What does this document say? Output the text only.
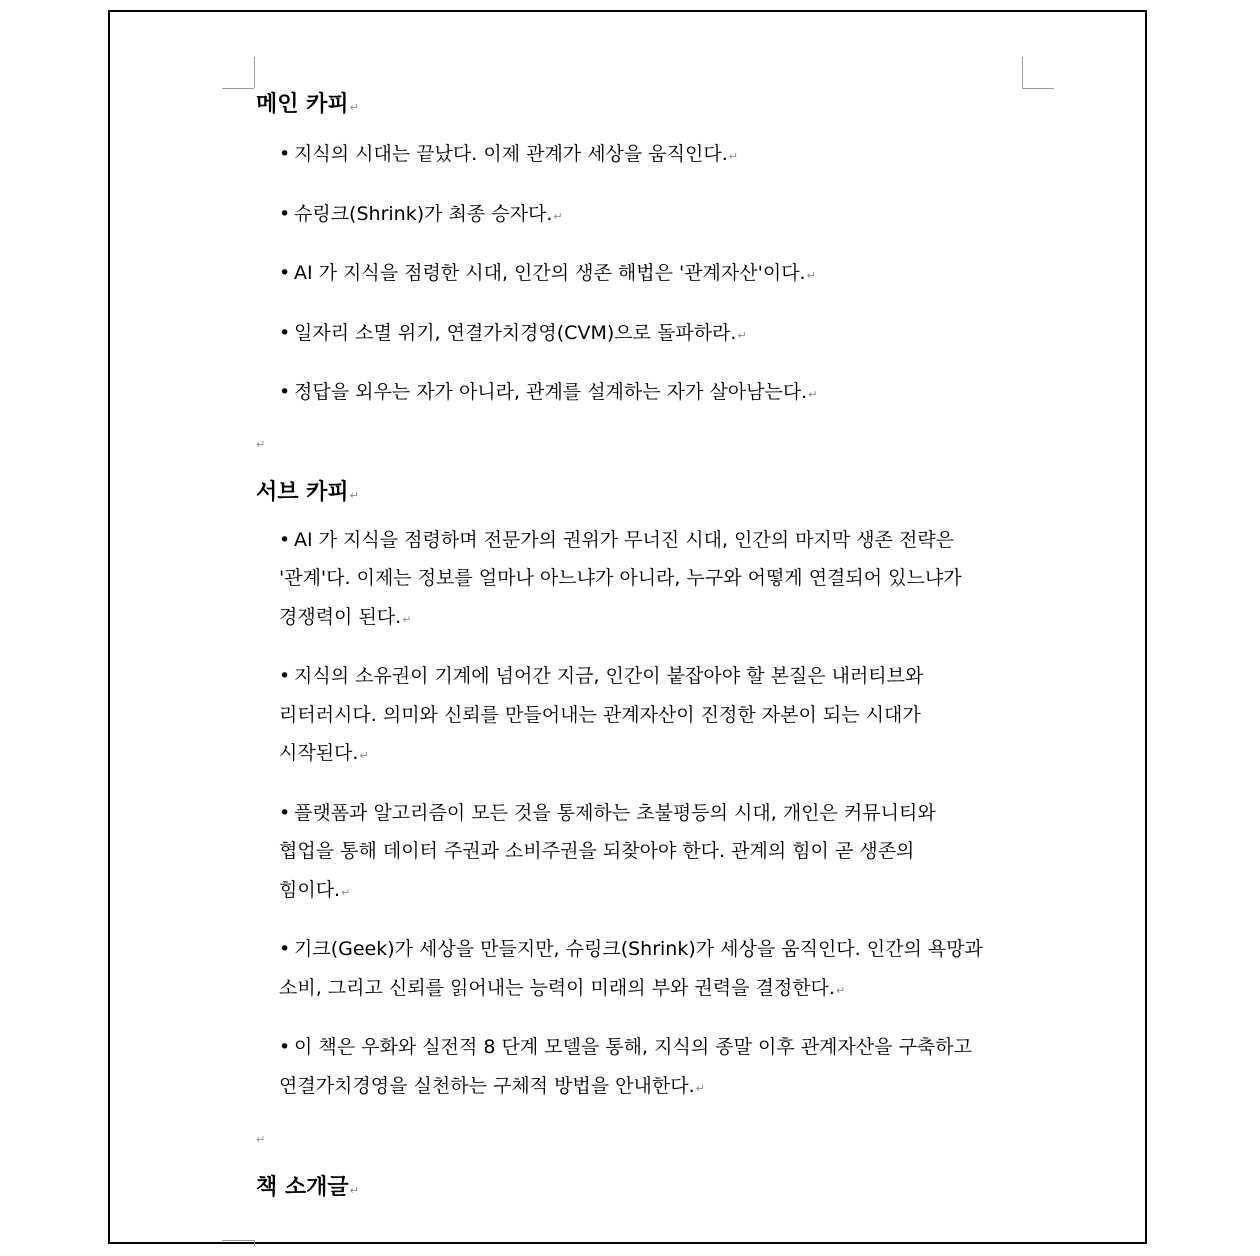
메인 카피↵
• 지식의 시대는 끝났다. 이제 관계가 세상을 움직인다.↵
• 슈링크(Shrink)가 최종 승자다.↵
• AI 가 지식을 점령한 시대, 인간의 생존 해법은 '관계자산'이다.↵
• 일자리 소멸 위기, 연결가치경영(CVM)으로 돌파하라.↵
• 정답을 외우는 자가 아니라, 관계를 설계하는 자가 살아남는다.↵
↵
서브 카피↵
• AI 가 지식을 점령하며 전문가의 권위가 무너진 시대, 인간의 마지막 생존 전략은
'관계'다. 이제는 정보를 얼마나 아느냐가 아니라, 누구와 어떻게 연결되어 있느냐가
경쟁력이 된다.↵
• 지식의 소유권이 기계에 넘어간 지금, 인간이 붙잡아야 할 본질은 내러티브와
리터러시다. 의미와 신뢰를 만들어내는 관계자산이 진정한 자본이 되는 시대가
시작된다.↵
• 플랫폼과 알고리즘이 모든 것을 통제하는 초불평등의 시대, 개인은 커뮤니티와
협업을 통해 데이터 주권과 소비주권을 되찾아야 한다. 관계의 힘이 곧 생존의
힘이다.↵
• 기크(Geek)가 세상을 만들지만, 슈링크(Shrink)가 세상을 움직인다. 인간의 욕망과
소비, 그리고 신뢰를 읽어내는 능력이 미래의 부와 권력을 결정한다.↵
• 이 책은 우화와 실전적 8 단계 모델을 통해, 지식의 종말 이후 관계자산을 구축하고
연결가치경영을 실천하는 구체적 방법을 안내한다.↵
↵
책 소개글↵
